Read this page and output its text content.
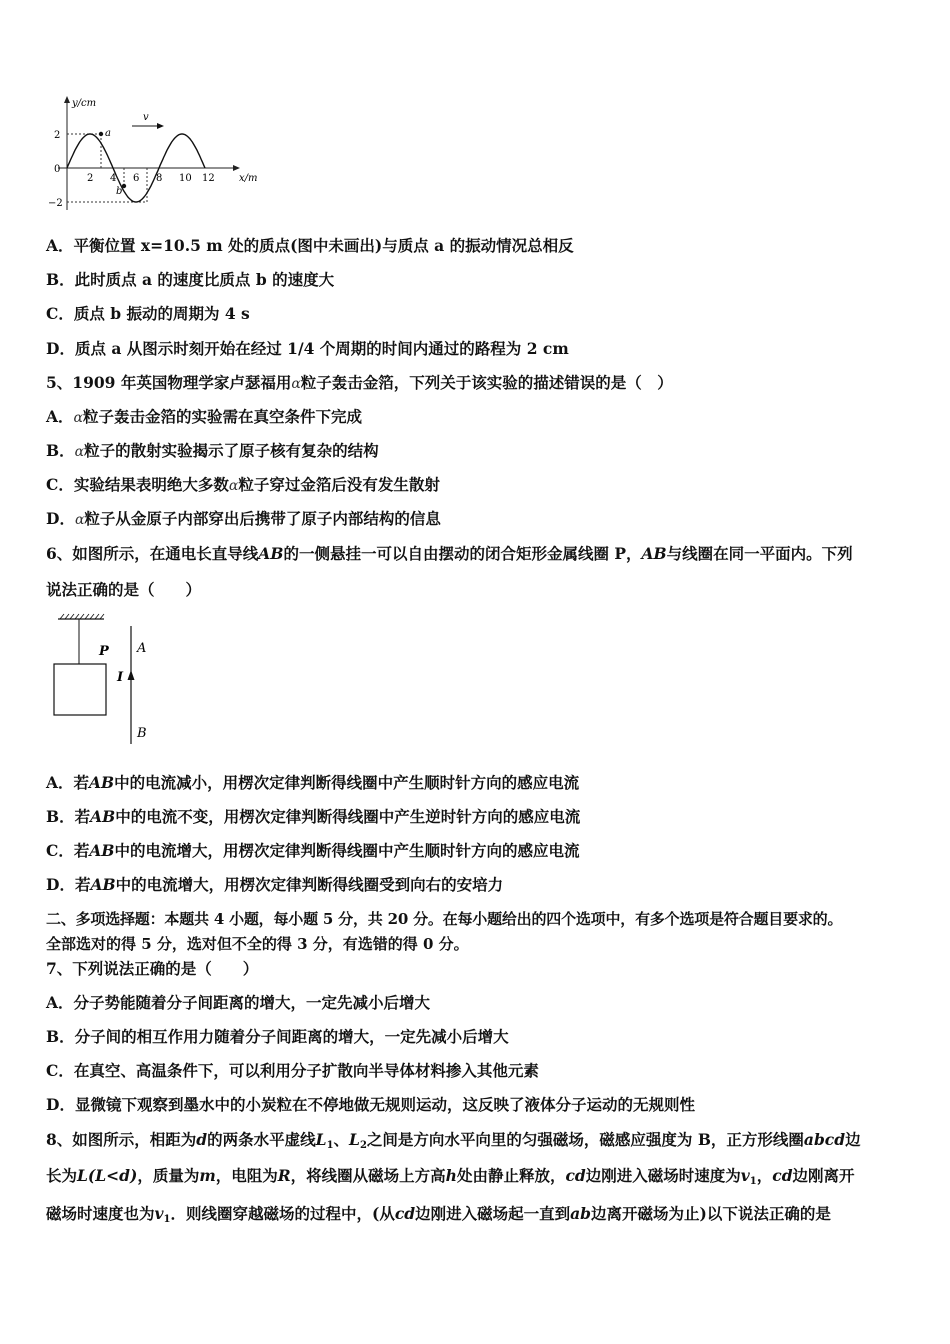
y/cm
x/m
2
0
−2
2 4 6 8 10 12
a
b
v
A．平衡位置 x=10.5 m 处的质点(图中未画出)与质点 a 的振动情况总相反
B．此时质点 a 的速度比质点 b 的速度大
C．质点 b 振动的周期为 4 s
D．质点 a 从图示时刻开始在经过 1/4 个周期的时间内通过的路程为 2 cm
5、1909 年英国物理学家卢瑟福用α粒子轰击金箔，下列关于该实验的描述错误的是（　）
A．α粒子轰击金箔的实验需在真空条件下完成
B．α粒子的散射实验揭示了原子核有复杂的结构
C．实验结果表明绝大多数α粒子穿过金箔后没有发生散射
D．α粒子从金原子内部穿出后携带了原子内部结构的信息
6、如图所示，在通电长直导线AB的一侧悬挂一可以自由摆动的闭合矩形金属线圈 P，AB与线圈在同一平面内。下列
说法正确的是（　　）
P
I
A
B
A．若AB中的电流减小，用楞次定律判断得线圈中产生顺时针方向的感应电流
B．若AB中的电流不变，用楞次定律判断得线圈中产生逆时针方向的感应电流
C．若AB中的电流增大，用楞次定律判断得线圈中产生顺时针方向的感应电流
D．若AB中的电流增大，用楞次定律判断得线圈受到向右的安培力
二、多项选择题：本题共 4 小题，每小题 5 分，共 20 分。在每小题给出的四个选项中，有多个选项是符合题目要求的。
全部选对的得 5 分，选对但不全的得 3 分，有选错的得 0 分。
7、下列说法正确的是（　　）
A．分子势能随着分子间距离的增大，一定先减小后增大
B．分子间的相互作用力随着分子间距离的增大，一定先减小后增大
C．在真空、高温条件下，可以利用分子扩散向半导体材料掺入其他元素
D．显微镜下观察到墨水中的小炭粒在不停地做无规则运动，这反映了液体分子运动的无规则性
8、如图所示，相距为d的两条水平虚线$L_1$、$L_2$之间是方向水平向里的匀强磁场，磁感应强度为 B，正方形线圈abcd边
长为L(L<d)，质量为m，电阻为R，将线圈从磁场上方高h处由静止释放，cd边刚进入磁场时速度为$v_1$，cd边刚离开
磁场时速度也为$v_1$．则线圈穿越磁场的过程中，(从cd边刚进入磁场起一直到ab边离开磁场为止)以下说法正确的是
